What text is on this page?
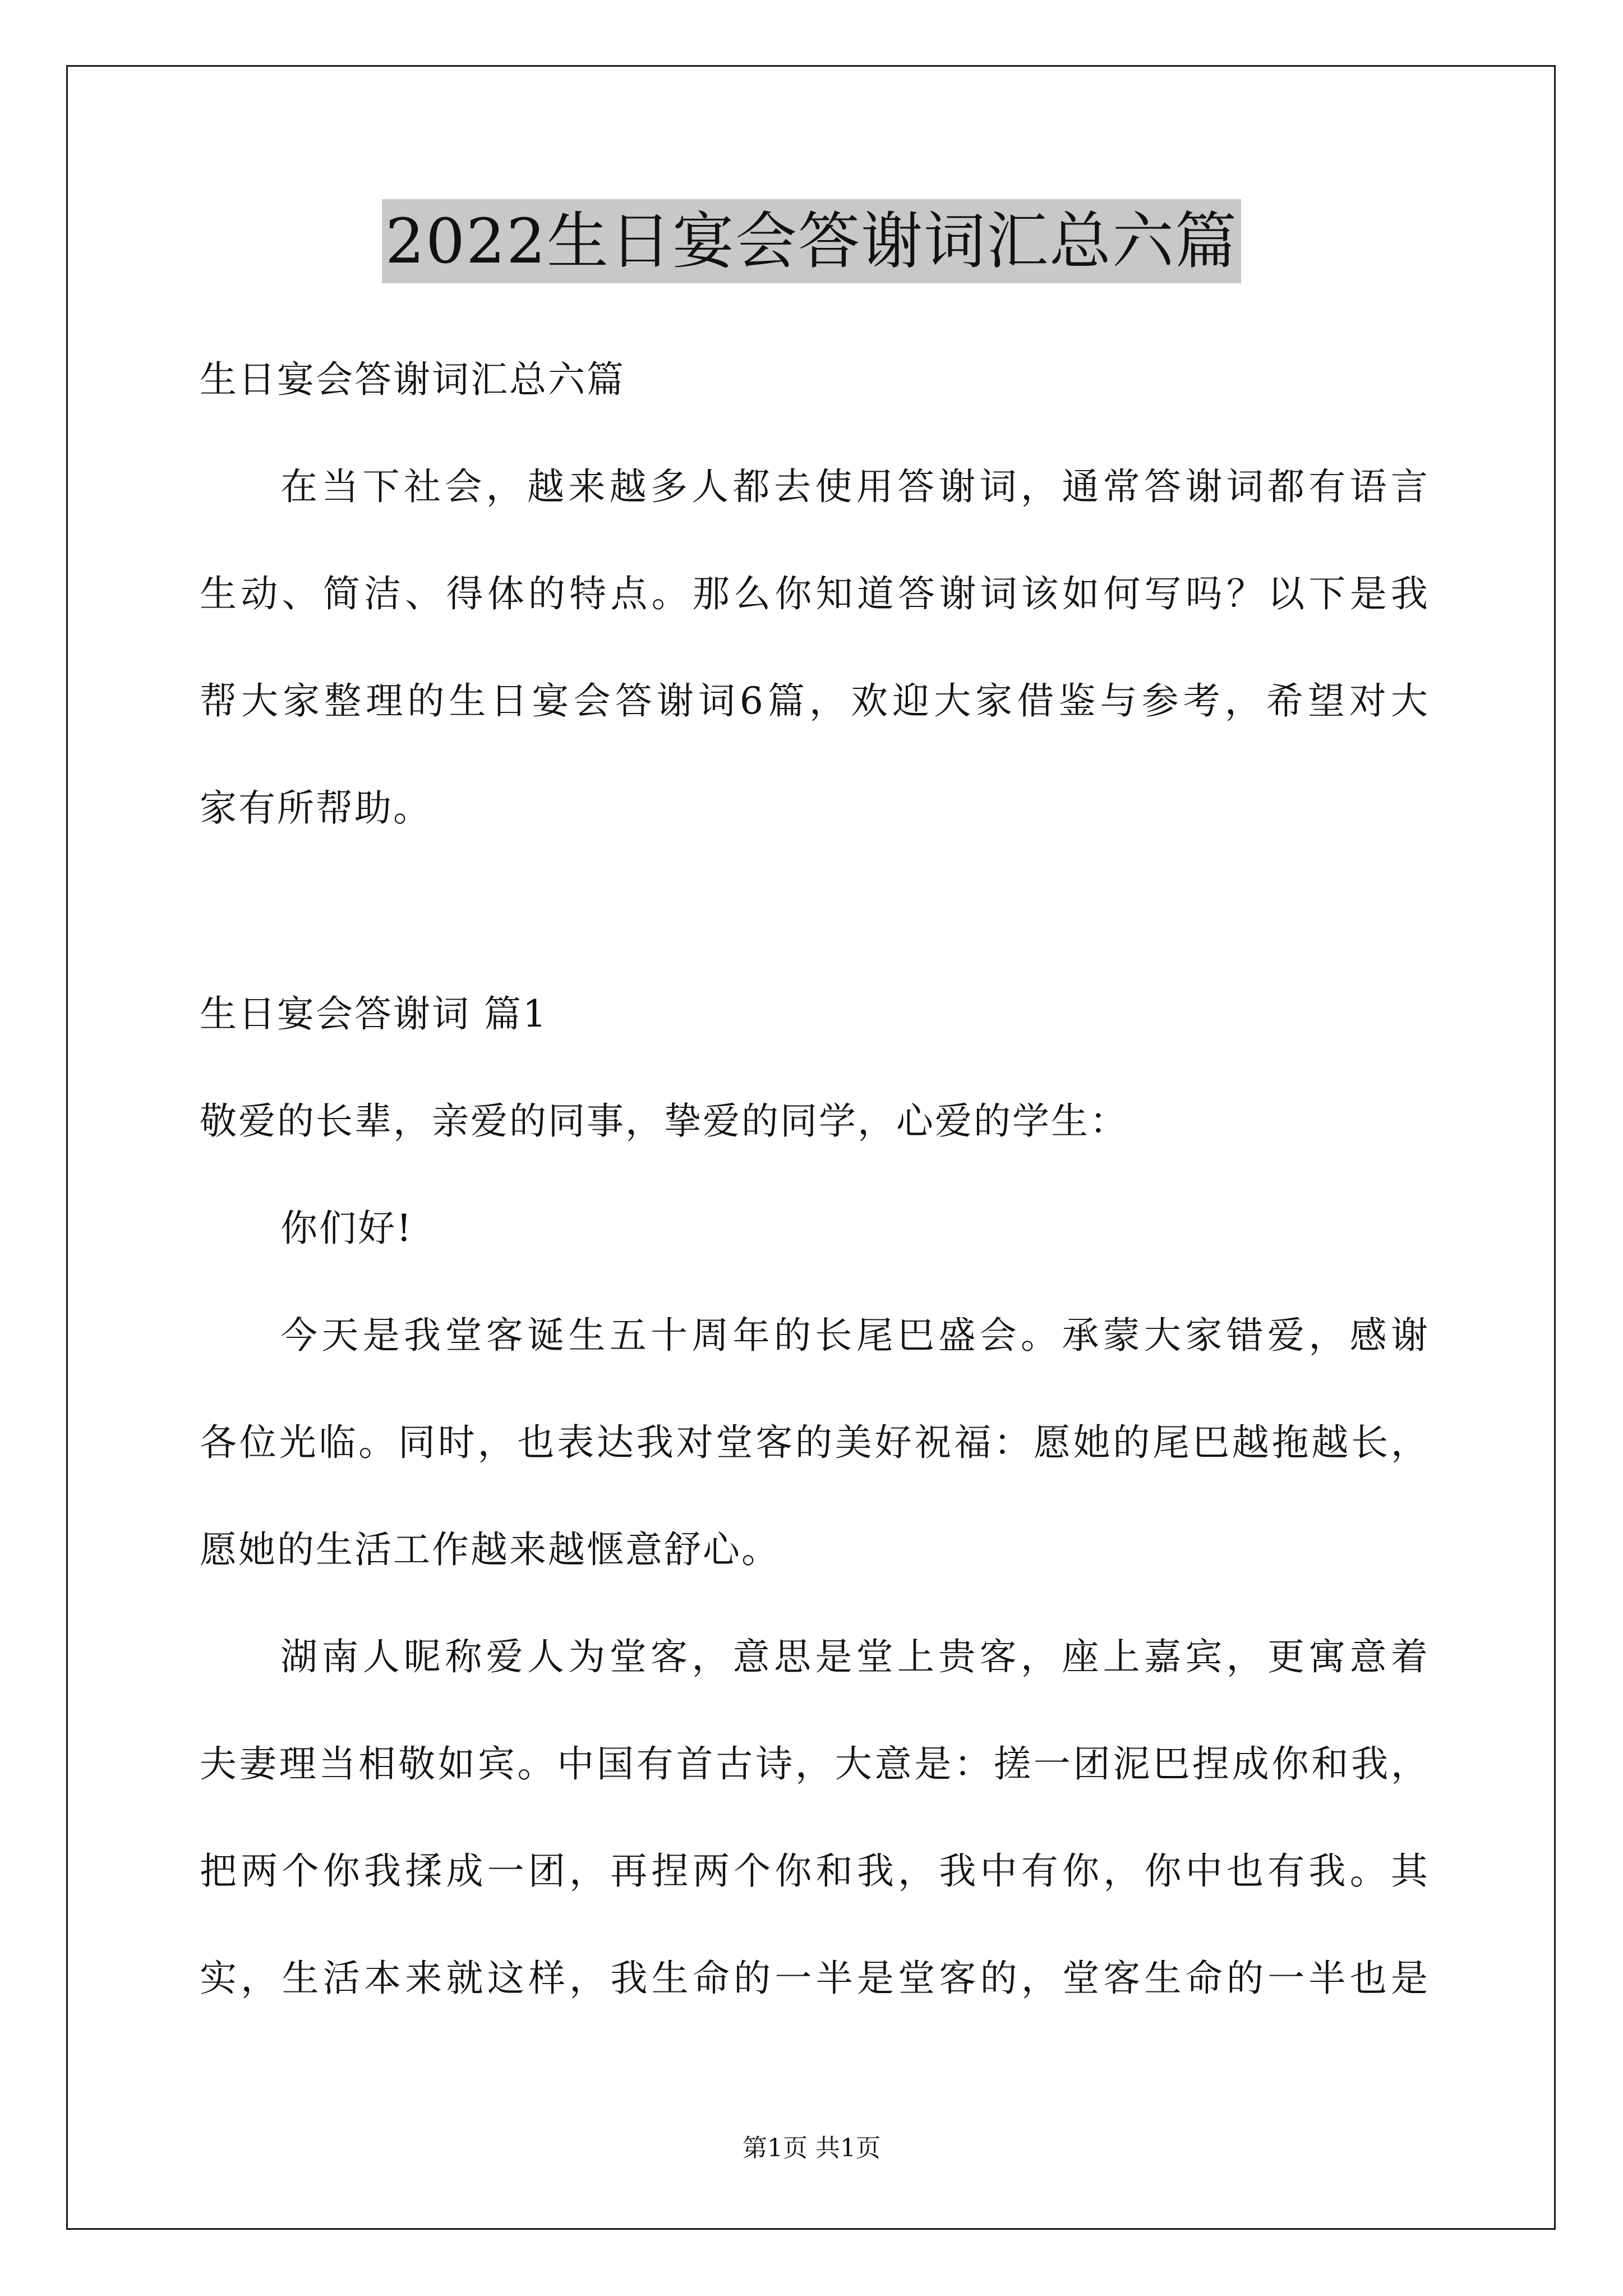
2022生日宴会答谢词汇总六篇
生日宴会答谢词汇总六篇
在当下社会，越来越多人都去使用答谢词，通常答谢词都有语言
生动、简洁、得体的特点。那么你知道答谢词该如何写吗？以下是我
帮大家整理的生日宴会答谢词6篇，欢迎大家借鉴与参考，希望对大
家有所帮助。
生日宴会答谢词 篇1
敬爱的长辈，亲爱的同事，挚爱的同学，心爱的学生：
你们好!
今天是我堂客诞生五十周年的长尾巴盛会。承蒙大家错爱，感谢
各位光临。同时，也表达我对堂客的美好祝福：愿她的尾巴越拖越长，
愿她的生活工作越来越惬意舒心。
湖南人昵称爱人为堂客，意思是堂上贵客，座上嘉宾，更寓意着
夫妻理当相敬如宾。中国有首古诗，大意是：搓一团泥巴捏成你和我，
把两个你我揉成一团，再捏两个你和我，我中有你，你中也有我。其
实，生活本来就这样，我生命的一半是堂客的，堂客生命的一半也是
第1页 共1页
